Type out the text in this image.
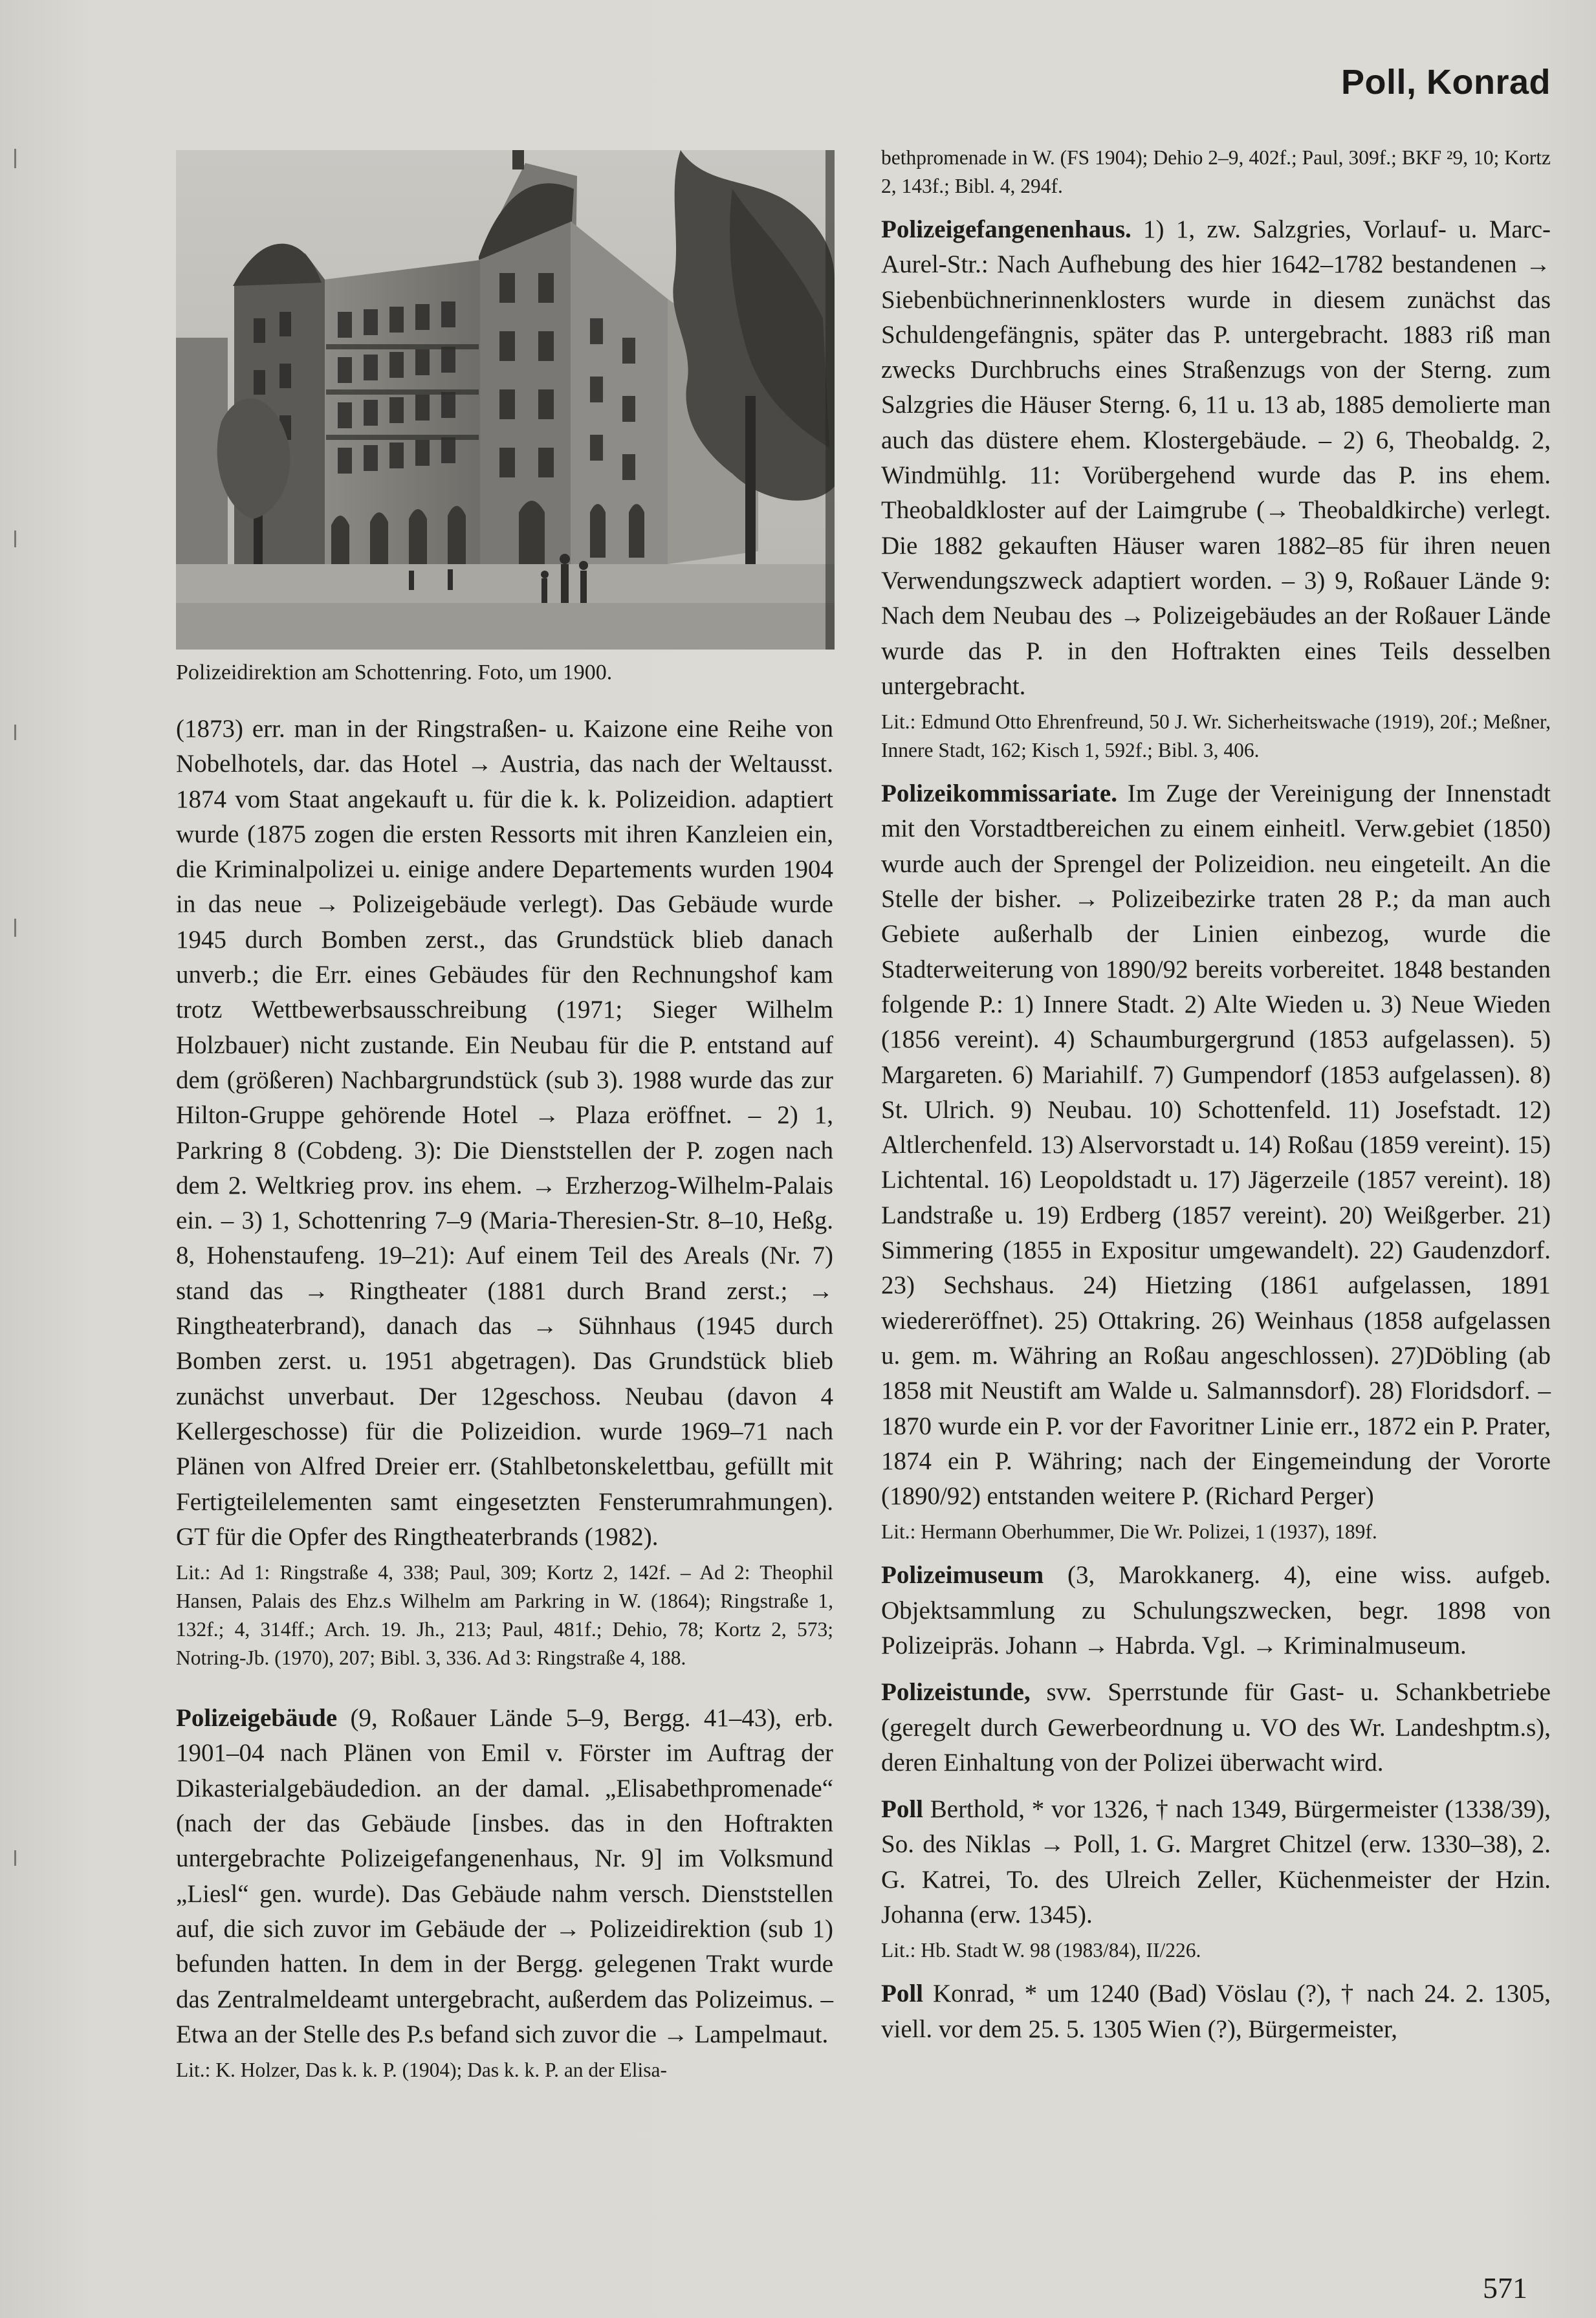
Poll, Konrad

Polizeidirektion am Schottenring. Foto, um 1900.

(1873) err. man in der Ringstraßen- u. Kaizone eine Reihe von Nobelhotels, dar. das Hotel → Austria, das nach der Weltausst. 1874 vom Staat angekauft u. für die k. k. Polizeidion. adaptiert wurde (1875 zogen die ersten Ressorts mit ihren Kanzleien ein, die Kriminalpolizei u. einige andere Departements wurden 1904 in das neue → Polizeigebäude verlegt). Das Gebäude wurde 1945 durch Bomben zerst., das Grundstück blieb danach unverb.; die Err. eines Gebäudes für den Rechnungshof kam trotz Wettbewerbsausschreibung (1971; Sieger Wilhelm Holzbauer) nicht zustande. Ein Neubau für die P. entstand auf dem (größeren) Nachbargrundstück (sub 3). 1988 wurde das zur Hilton-Gruppe gehörende Hotel → Plaza eröffnet. – 2) 1, Parkring 8 (Cobdeng. 3): Die Dienststellen der P. zogen nach dem 2. Weltkrieg prov. ins ehem. → Erzherzog-Wilhelm-Palais ein. – 3) 1, Schottenring 7–9 (Maria-Theresien-Str. 8–10, Heßg. 8, Hohenstaufeng. 19–21): Auf einem Teil des Areals (Nr. 7) stand das → Ringtheater (1881 durch Brand zerst.; → Ringtheaterbrand), danach das → Sühnhaus (1945 durch Bomben zerst. u. 1951 abgetragen). Das Grundstück blieb zunächst unverbaut. Der 12geschoss. Neubau (davon 4 Kellergeschosse) für die Polizeidion. wurde 1969–71 nach Plänen von Alfred Dreier err. (Stahlbetonskelettbau, gefüllt mit Fertigteilelementen samt eingesetzten Fensterumrahmungen). GT für die Opfer des Ringtheaterbrands (1982).

Lit.: Ad 1: Ringstraße 4, 338; Paul, 309; Kortz 2, 142f. – Ad 2: Theophil Hansen, Palais des Ehz.s Wilhelm am Parkring in W. (1864); Ringstraße 1, 132f.; 4, 314ff.; Arch. 19. Jh., 213; Paul, 481f.; Dehio, 78; Kortz 2, 573; Notring-Jb. (1970), 207; Bibl. 3, 336. Ad 3: Ringstraße 4, 188.

Polizeigebäude (9, Roßauer Lände 5–9, Bergg. 41–43), erb. 1901–04 nach Plänen von Emil v. Förster im Auftrag der Dikasterialgebäudedion. an der damal. „Elisabethpromenade“ (nach der das Gebäude [insbes. das in den Hoftrakten untergebrachte Polizeigefangenenhaus, Nr. 9] im Volksmund „Liesl“ gen. wurde). Das Gebäude nahm versch. Dienststellen auf, die sich zuvor im Gebäude der → Polizeidirektion (sub 1) befunden hatten. In dem in der Bergg. gelegenen Trakt wurde das Zentralmeldeamt untergebracht, außerdem das Polizeimus. – Etwa an der Stelle des P.s befand sich zuvor die → Lampelmaut.

Lit.: K. Holzer, Das k. k. P. (1904); Das k. k. P. an der Elisa-

bethpromenade in W. (FS 1904); Dehio 2–9, 402f.; Paul, 309f.; BKF ²9, 10; Kortz 2, 143f.; Bibl. 4, 294f.

Polizeigefangenenhaus. 1) 1, zw. Salzgries, Vorlauf- u. Marc-Aurel-Str.: Nach Aufhebung des hier 1642–1782 bestandenen → Siebenbüchnerinnenklosters wurde in diesem zunächst das Schuldengefängnis, später das P. untergebracht. 1883 riß man zwecks Durchbruchs eines Straßenzugs von der Sterng. zum Salzgries die Häuser Sterng. 6, 11 u. 13 ab, 1885 demolierte man auch das düstere ehem. Klostergebäude. – 2) 6, Theobaldg. 2, Windmühlg. 11: Vorübergehend wurde das P. ins ehem. Theobaldkloster auf der Laimgrube (→ Theobaldkirche) verlegt. Die 1882 gekauften Häuser waren 1882–85 für ihren neuen Verwendungszweck adaptiert worden. – 3) 9, Roßauer Lände 9: Nach dem Neubau des → Polizeigebäudes an der Roßauer Lände wurde das P. in den Hoftrakten eines Teils desselben untergebracht.

Lit.: Edmund Otto Ehrenfreund, 50 J. Wr. Sicherheitswache (1919), 20f.; Meßner, Innere Stadt, 162; Kisch 1, 592f.; Bibl. 3, 406.

Polizeikommissariate. Im Zuge der Vereinigung der Innenstadt mit den Vorstadtbereichen zu einem einheitl. Verw.gebiet (1850) wurde auch der Sprengel der Polizeidion. neu eingeteilt. An die Stelle der bisher. → Polizeibezirke traten 28 P.; da man auch Gebiete außerhalb der Linien einbezog, wurde die Stadterweiterung von 1890/92 bereits vorbereitet. 1848 bestanden folgende P.: 1) Innere Stadt. 2) Alte Wieden u. 3) Neue Wieden (1856 vereint). 4) Schaumburgergrund (1853 aufgelassen). 5) Margareten. 6) Mariahilf. 7) Gumpendorf (1853 aufgelassen). 8) St. Ulrich. 9) Neubau. 10) Schottenfeld. 11) Josefstadt. 12) Altlerchenfeld. 13) Alservorstadt u. 14) Roßau (1859 vereint). 15) Lichtental. 16) Leopoldstadt u. 17) Jägerzeile (1857 vereint). 18) Landstraße u. 19) Erdberg (1857 vereint). 20) Weißgerber. 21) Simmering (1855 in Expositur umgewandelt). 22) Gaudenzdorf. 23) Sechshaus. 24) Hietzing (1861 aufgelassen, 1891 wiedereröffnet). 25) Ottakring. 26) Weinhaus (1858 aufgelassen u. gem. m. Währing an Roßau angeschlossen). 27)Döbling (ab 1858 mit Neustift am Walde u. Salmannsdorf). 28) Floridsdorf. – 1870 wurde ein P. vor der Favoritner Linie err., 1872 ein P. Prater, 1874 ein P. Währing; nach der Eingemeindung der Vororte (1890/92) entstanden weitere P. (Richard Perger)

Lit.: Hermann Oberhummer, Die Wr. Polizei, 1 (1937), 189f.

Polizeimuseum (3, Marokkanerg. 4), eine wiss. aufgeb. Objektsammlung zu Schulungszwecken, begr. 1898 von Polizeipräs. Johann → Habrda. Vgl. → Kriminalmuseum.

Polizeistunde, svw. Sperrstunde für Gast- u. Schankbetriebe (geregelt durch Gewerbeordnung u. VO des Wr. Landeshptm.s), deren Einhaltung von der Polizei überwacht wird.

Poll Berthold, * vor 1326, † nach 1349, Bürgermeister (1338/39), So. des Niklas → Poll, 1. G. Margret Chitzel (erw. 1330–38), 2. G. Katrei, To. des Ulreich Zeller, Küchenmeister der Hzin. Johanna (erw. 1345).

Lit.: Hb. Stadt W. 98 (1983/84), II/226.

Poll Konrad, * um 1240 (Bad) Vöslau (?), † nach 24. 2. 1305, viell. vor dem 25. 5. 1305 Wien (?), Bürgermeister,

571
